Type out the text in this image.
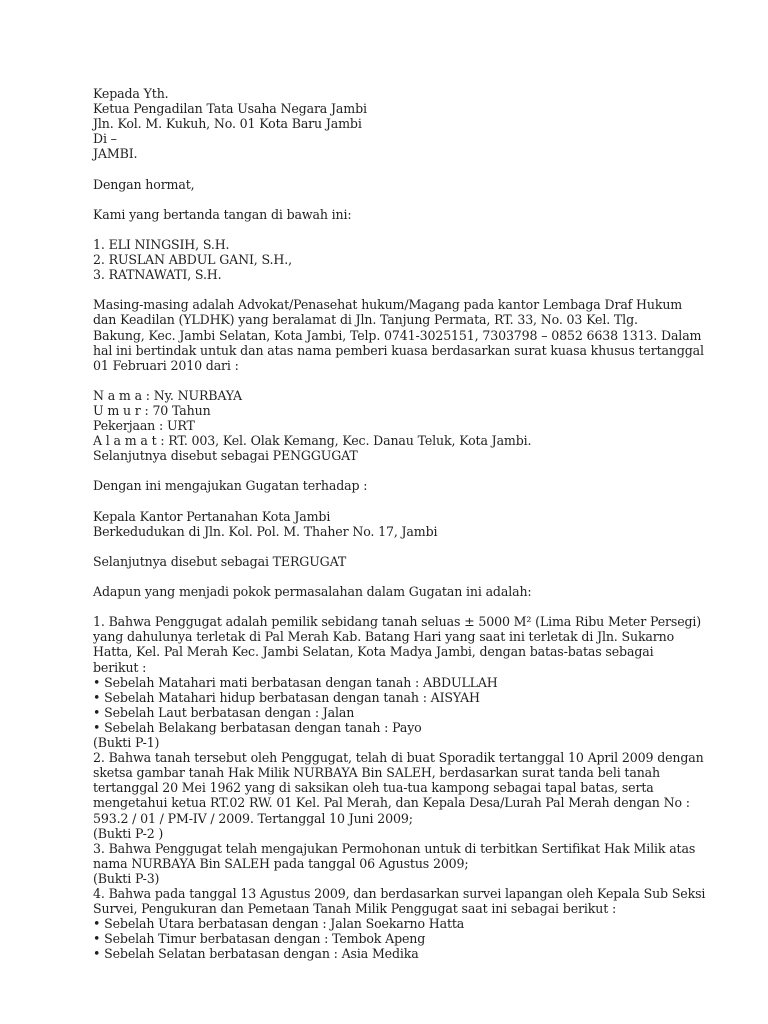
Kepada Yth.
Ketua Pengadilan Tata Usaha Negara Jambi
Jln. Kol. M. Kukuh, No. 01 Kota Baru Jambi
Di –
JAMBI.
Dengan hormat,
Kami yang bertanda tangan di bawah ini:
1. ELI NINGSIH, S.H.
2. RUSLAN ABDUL GANI, S.H.,
3. RATNAWATI, S.H.
Masing-masing adalah Advokat/Penasehat hukum/Magang pada kantor Lembaga Draf Hukum
dan Keadilan (YLDHK) yang beralamat di Jln. Tanjung Permata, RT. 33, No. 03 Kel. Tlg.
Bakung, Kec. Jambi Selatan, Kota Jambi, Telp. 0741-3025151, 7303798 – 0852 6638 1313. Dalam
hal ini bertindak untuk dan atas nama pemberi kuasa berdasarkan surat kuasa khusus tertanggal
01 Februari 2010 dari :
N a m a : Ny. NURBAYA
U m u r : 70 Tahun
Pekerjaan : URT
A l a m a t : RT. 003, Kel. Olak Kemang, Kec. Danau Teluk, Kota Jambi.
Selanjutnya disebut sebagai PENGGUGAT
Dengan ini mengajukan Gugatan terhadap :
Kepala Kantor Pertanahan Kota Jambi
Berkedudukan di Jln. Kol. Pol. M. Thaher No. 17, Jambi
Selanjutnya disebut sebagai TERGUGAT
Adapun yang menjadi pokok permasalahan dalam Gugatan ini adalah:
1. Bahwa Penggugat adalah pemilik sebidang tanah seluas ± 5000 M² (Lima Ribu Meter Persegi)
yang dahulunya terletak di Pal Merah Kab. Batang Hari yang saat ini terletak di Jln. Sukarno
Hatta, Kel. Pal Merah Kec. Jambi Selatan, Kota Madya Jambi, dengan batas-batas sebagai
berikut :
• Sebelah Matahari mati berbatasan dengan tanah : ABDULLAH
• Sebelah Matahari hidup berbatasan dengan tanah : AISYAH
• Sebelah Laut berbatasan dengan : Jalan
• Sebelah Belakang berbatasan dengan tanah : Payo
(Bukti P-1)
2. Bahwa tanah tersebut oleh Penggugat, telah di buat Sporadik tertanggal 10 April 2009 dengan
sketsa gambar tanah Hak Milik NURBAYA Bin SALEH, berdasarkan surat tanda beli tanah
tertanggal 20 Mei 1962 yang di saksikan oleh tua-tua kampong sebagai tapal batas, serta
mengetahui ketua RT.02 RW. 01 Kel. Pal Merah, dan Kepala Desa/Lurah Pal Merah dengan No :
593.2 / 01 / PM-IV / 2009. Tertanggal 10 Juni 2009;
(Bukti P-2 )
3. Bahwa Penggugat telah mengajukan Permohonan untuk di terbitkan Sertifikat Hak Milik atas
nama NURBAYA Bin SALEH pada tanggal 06 Agustus 2009;
(Bukti P-3)
4. Bahwa pada tanggal 13 Agustus 2009, dan berdasarkan survei lapangan oleh Kepala Sub Seksi
Survei, Pengukuran dan Pemetaan Tanah Milik Penggugat saat ini sebagai berikut :
• Sebelah Utara berbatasan dengan : Jalan Soekarno Hatta
• Sebelah Timur berbatasan dengan : Tembok Apeng
• Sebelah Selatan berbatasan dengan : Asia Medika
